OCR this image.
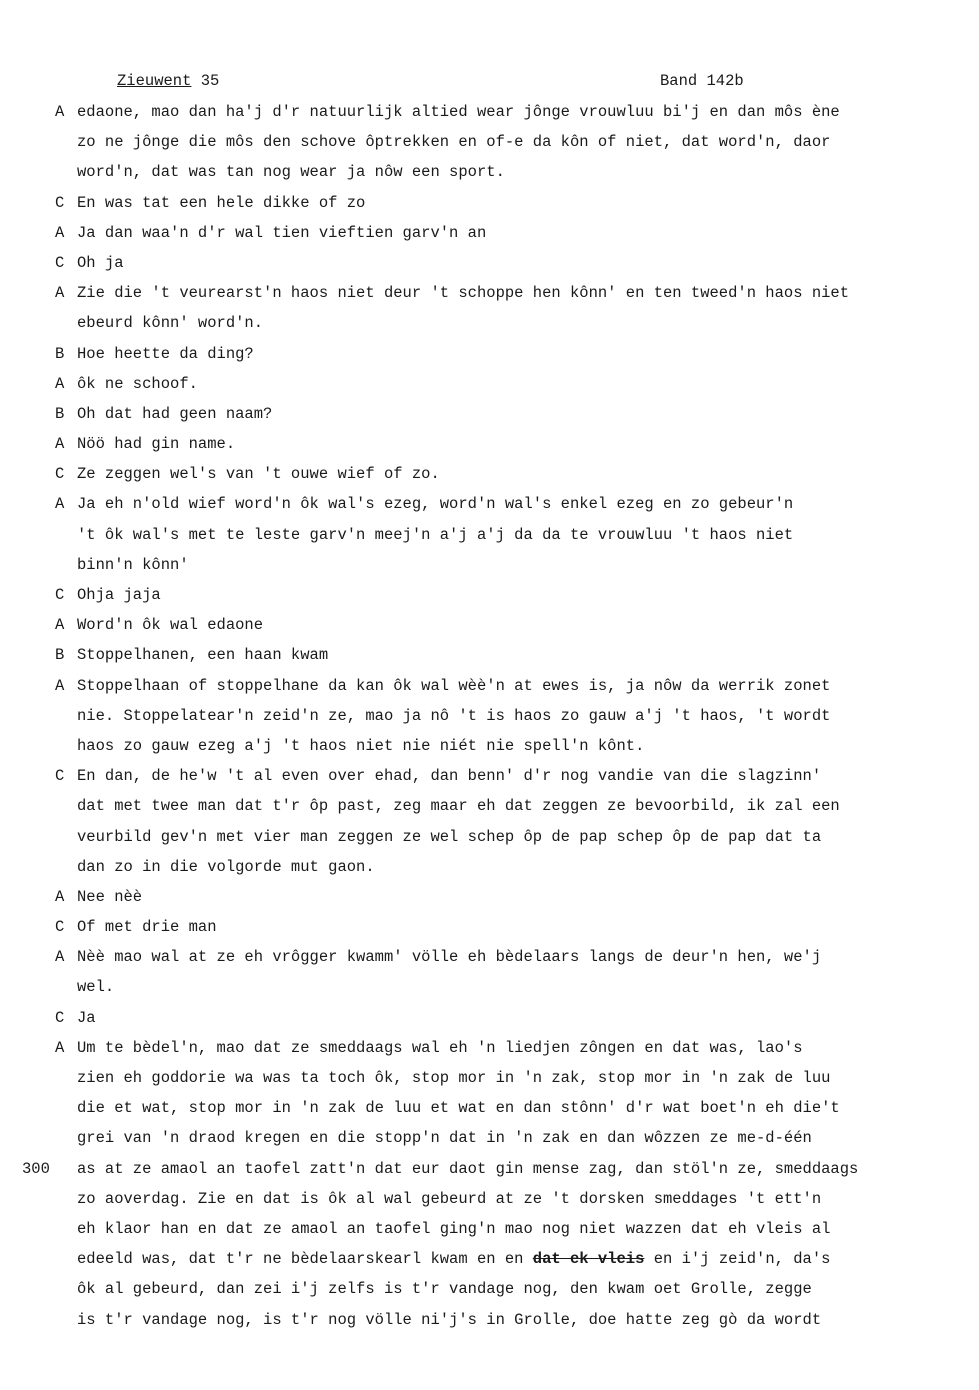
Zieuwent 35	Band 142b
A edaone, mao dan ha'j d'r natuurlijk altied wear jônge vrouwluu bi'j en dan môs ène
zo ne jônge die môs den schove ôptrekken en of-e da kôn of niet, dat word'n, daor
word'n, dat was tan nog wear ja nôw een sport.
C En was tat een hele dikke of zo
A Ja dan waa'n d'r wal tien vieftien garv'n an
C Oh ja
A Zie die 't veurearst'n haos niet deur 't schoppe hen kônn' en ten tweed'n haos niet
ebeurd kônn' word'n.
B Hoe heette da ding?
A ôk ne schoof.
B Oh dat had geen naam?
A Nöö had gin name.
C Ze zeggen wel's van 't ouwe wief of zo.
A Ja eh n'old wief word'n ôk wal's ezeg, word'n wal's enkel ezeg en zo gebeur'n
't ôk wal's met te leste garv'n meej'n a'j a'j da da te vrouwluu 't haos niet
binn'n kônn'
C Ohja jaja
A Word'n ôk wal edaone
B Stoppelhanen, een haan kwam
A Stoppelhaan of stoppelhane da kan ôk wal wèè'n at ewes is, ja nôw da werrik zonet
nie. Stoppelatear'n zeid'n ze, mao ja nô 't is haos zo gauw a'j 't haos, 't wordt
haos zo gauw ezeg a'j 't haos niet nie niét nie spell'n kônt.
C En dan, de he'w 't al even over ehad, dan benn' d'r nog vandie van die slagzinn'
dat met twee man dat t'r ôp past, zeg maar eh dat zeggen ze bevoorbild, ik zal een
veurbild gev'n met vier man zeggen ze wel schep ôp de pap schep ôp de pap dat ta
dan zo in die volgorde mut gaon.
A Nee nèè
C Of met drie man
A Nèè mao wal at ze eh vrôgger kwamm' völle eh bèdelaars langs de deur'n hen, we'j
wel.
C Ja
A Um te bèdel'n, mao dat ze smeddaags wal eh 'n liedjen zôngen en dat was, lao's
zien eh goddorie wa was ta toch ôk, stop mor in 'n zak, stop mor in 'n zak de luu
die et wat, stop mor in 'n zak de luu et wat en dan stônn' d'r wat boet'n eh die't
grei van 'n draod kregen en die stopp'n dat in 'n zak en dan wôzzen ze me-d-één
300 as at ze amaol an taofel zatt'n dat eur daot gin mense zag, dan stöl'n ze, smeddaags
zo aoverdag. Zie en dat is ôk al wal gebeurd at ze 't dorsken smeddages 't ett'n
eh klaor han en dat ze amaol an taofel ging'n mao nog niet wazzen dat eh vleis al
edeeld was, dat t'r ne bèdelaarskearl kwam en en dat ek vleis en i'j zeid'n, da's
ôk al gebeurd, dan zei i'j zelfs is t'r vandage nog, den kwam oet Grolle, zegge
is t'r vandage nog, is t'r nog völle ni'j's in Grolle, doe hatte zeg gò da wordt
